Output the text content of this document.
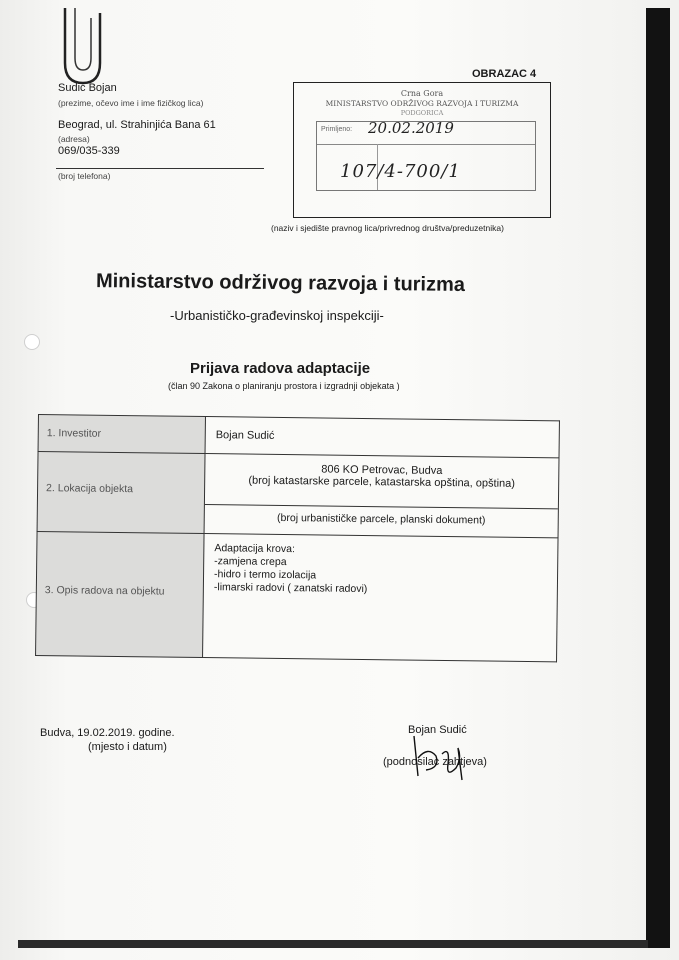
Sudić Bojan
(prezime, očevo ime i ime fizičkog lica)
Beograd, ul. Strahinjića Bana 61
(adresa)
069/035-339
(broj telefona)
OBRAZAC 4
Crna Gora
MINISTARSTVO ODRŽIVOG RAZVOJA I TURIZMA
PODGORICA
Primljeno: 20.02.2019
107/4-700/1
(naziv i sjedište pravnog lica/privrednog društva/preduzetnika)
Ministarstvo održivog razvoja i turizma
-Urbanističko-građevinskoj inspekciji-
Prijava radova adaptacije
(član 90 Zakona o planiranju prostora i izgradnji objekata )
1. Investitor	Bojan Sudić
2. Lokacija objekta	806 KO Petrovac, Budva
(broj katastarske parcele, katastarska opština, opština)
(broj urbanističke parcele, planski dokument)

3. Opis radova na objektu	Adaptacija krova:
-zamjena crepa
-hidro i termo izolacija
-limarski radovi ( zanatski radovi)
Budva, 19.02.2019. godine.
(mjesto i datum)
Bojan Sudić
(podnosilac zahtjeva)
